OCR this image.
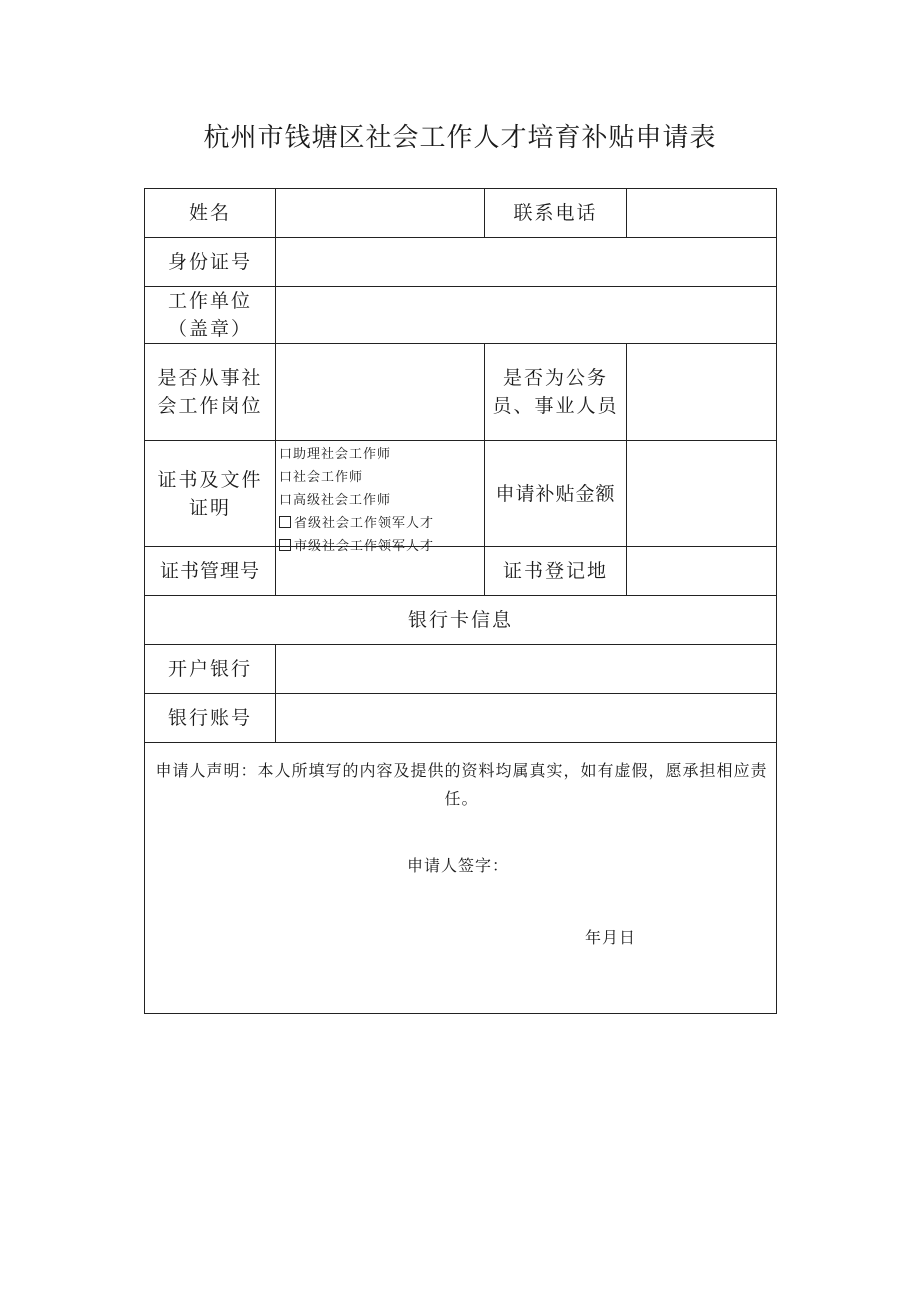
杭州市钱塘区社会工作人才培育补贴申请表
姓名		联系电话	
身份证号			

工作单位
（盖章）			

是否从事社会工作岗位		是否为公务员、事业人员	
证书及文件证明	口助理社会工作师
口社会工作师
口高级社会工作师
省级社会工作领军人才
市级社会工作领军人才	申请补贴金额	
证书管理号		证书登记地	
银行卡信息			
开户银行			
银行账号			

申请人声明：本人所填写的内容及提供的资料均属真实，如有虚假，愿承担相应责任。
申请人签字：
年月日			
